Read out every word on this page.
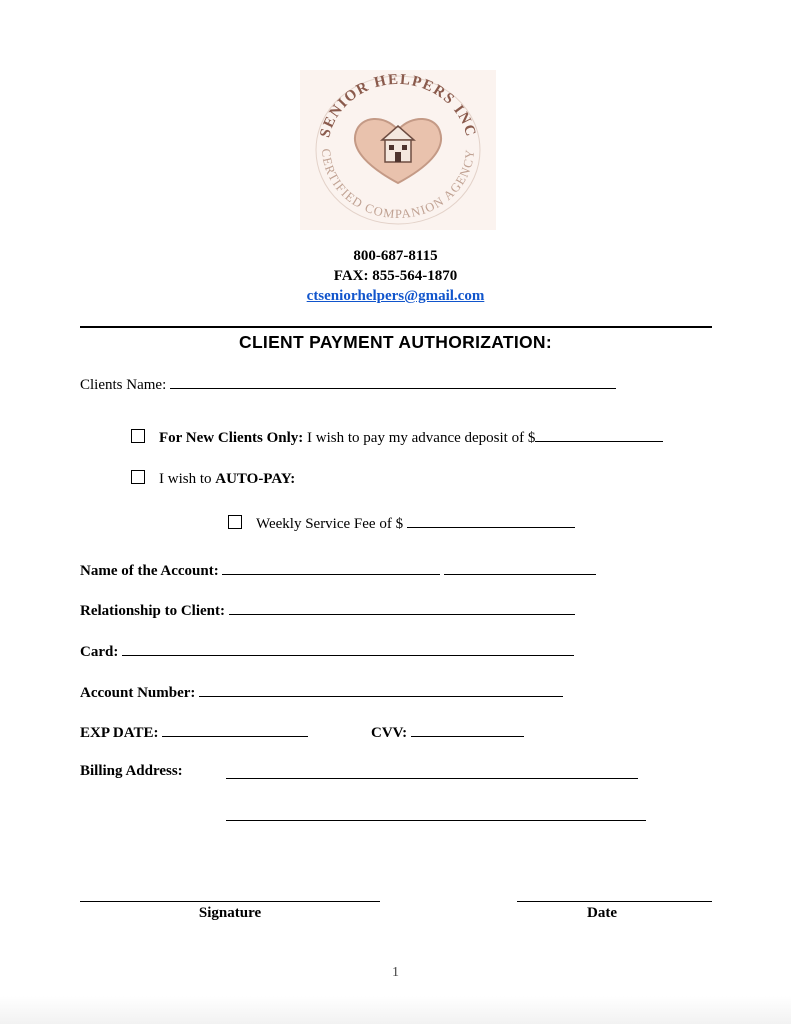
SENIOR HELPERS INC
CERTIFIED COMPANION AGENCY
800-687-8115
FAX: 855-564-1870
ctseniorhelpers@gmail.com
CLIENT PAYMENT AUTHORIZATION:
Clients Name:
For New Clients Only: I wish to pay my advance deposit of $
I wish to AUTO-PAY:
Weekly Service Fee of $
Name of the Account:
Relationship to Client:
Card:
Account Number:
EXP DATE:	CVV:
Billing Address:
Signature	Date
1
